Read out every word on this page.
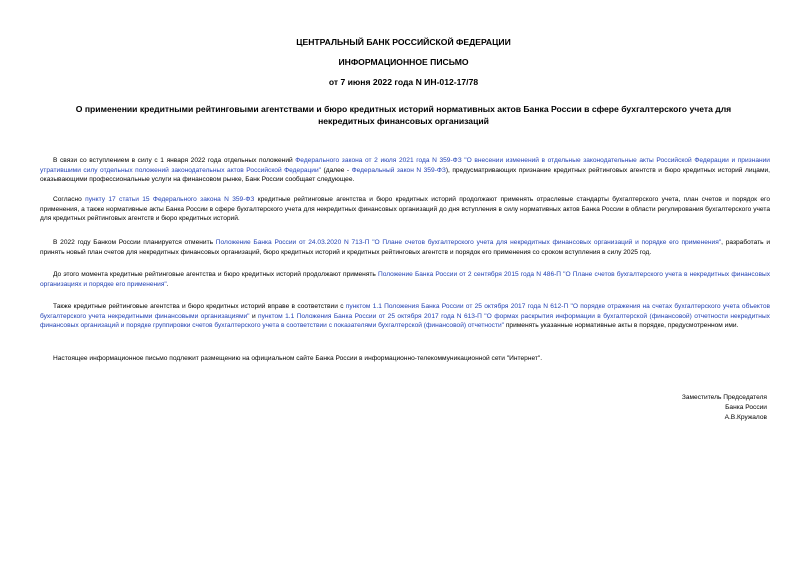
ЦЕНТРАЛЬНЫЙ БАНК РОССИЙСКОЙ ФЕДЕРАЦИИ
ИНФОРМАЦИОННОЕ ПИСЬМО
от 7 июня 2022 года N ИН-012-17/78
О применении кредитными рейтинговыми агентствами и бюро кредитных историй нормативных актов Банка России в сфере бухгалтерского учета для некредитных финансовых организаций
В связи со вступлением в силу с 1 января 2022 года отдельных положений Федерального закона от 2 июля 2021 года N 359-ФЗ "О внесении изменений в отдельные законодательные акты Российской Федерации и признании утратившими силу отдельных положений законодательных актов Российской Федерации" (далее - Федеральный закон N 359-ФЗ), предусматривающих признание кредитных рейтинговых агентств и бюро кредитных историй лицами, оказывающими профессиональные услуги на финансовом рынке, Банк России сообщает следующее.
Согласно пункту 17 статьи 15 Федерального закона N 359-ФЗ кредитные рейтинговые агентства и бюро кредитных историй продолжают применять отраслевые стандарты бухгалтерского учета, план счетов и порядок его применения, а также нормативные акты Банка России в сфере бухгалтерского учета для некредитных финансовых организаций до дня вступления в силу нормативных актов Банка России в области регулирования бухгалтерского учета для кредитных рейтинговых агентств и бюро кредитных историй.
В 2022 году Банком России планируется отменить Положение Банка России от 24.03.2020 N 713-П "О Плане счетов бухгалтерского учета для некредитных финансовых организаций и порядке его применения", разработать и принять новый план счетов для некредитных финансовых организаций, бюро кредитных историй и кредитных рейтинговых агентств и порядок его применения со сроком вступления в силу 2025 год.
До этого момента кредитные рейтинговые агентства и бюро кредитных историй продолжают применять Положение Банка России от 2 сентября 2015 года N 486-П "О Плане счетов бухгалтерского учета в некредитных финансовых организациях и порядке его применения".
Также кредитные рейтинговые агентства и бюро кредитных историй вправе в соответствии с пунктом 1.1 Положения Банка России от 25 октября 2017 года N 612-П "О порядке отражения на счетах бухгалтерского учета объектов бухгалтерского учета некредитными финансовыми организациями" и пунктом 1.1 Положения Банка России от 25 октября 2017 года N 613-П "О формах раскрытия информации в бухгалтерской (финансовой) отчетности некредитных финансовых организаций и порядке группировки счетов бухгалтерского учета в соответствии с показателями бухгалтерской (финансовой) отчетности" применять указанные нормативные акты в порядке, предусмотренном ими.
Настоящее информационное письмо подлежит размещению на официальном сайте Банка России в информационно-телекоммуникационной сети "Интернет".
Заместитель Председателя
Банка России
А.В.Кружалов
